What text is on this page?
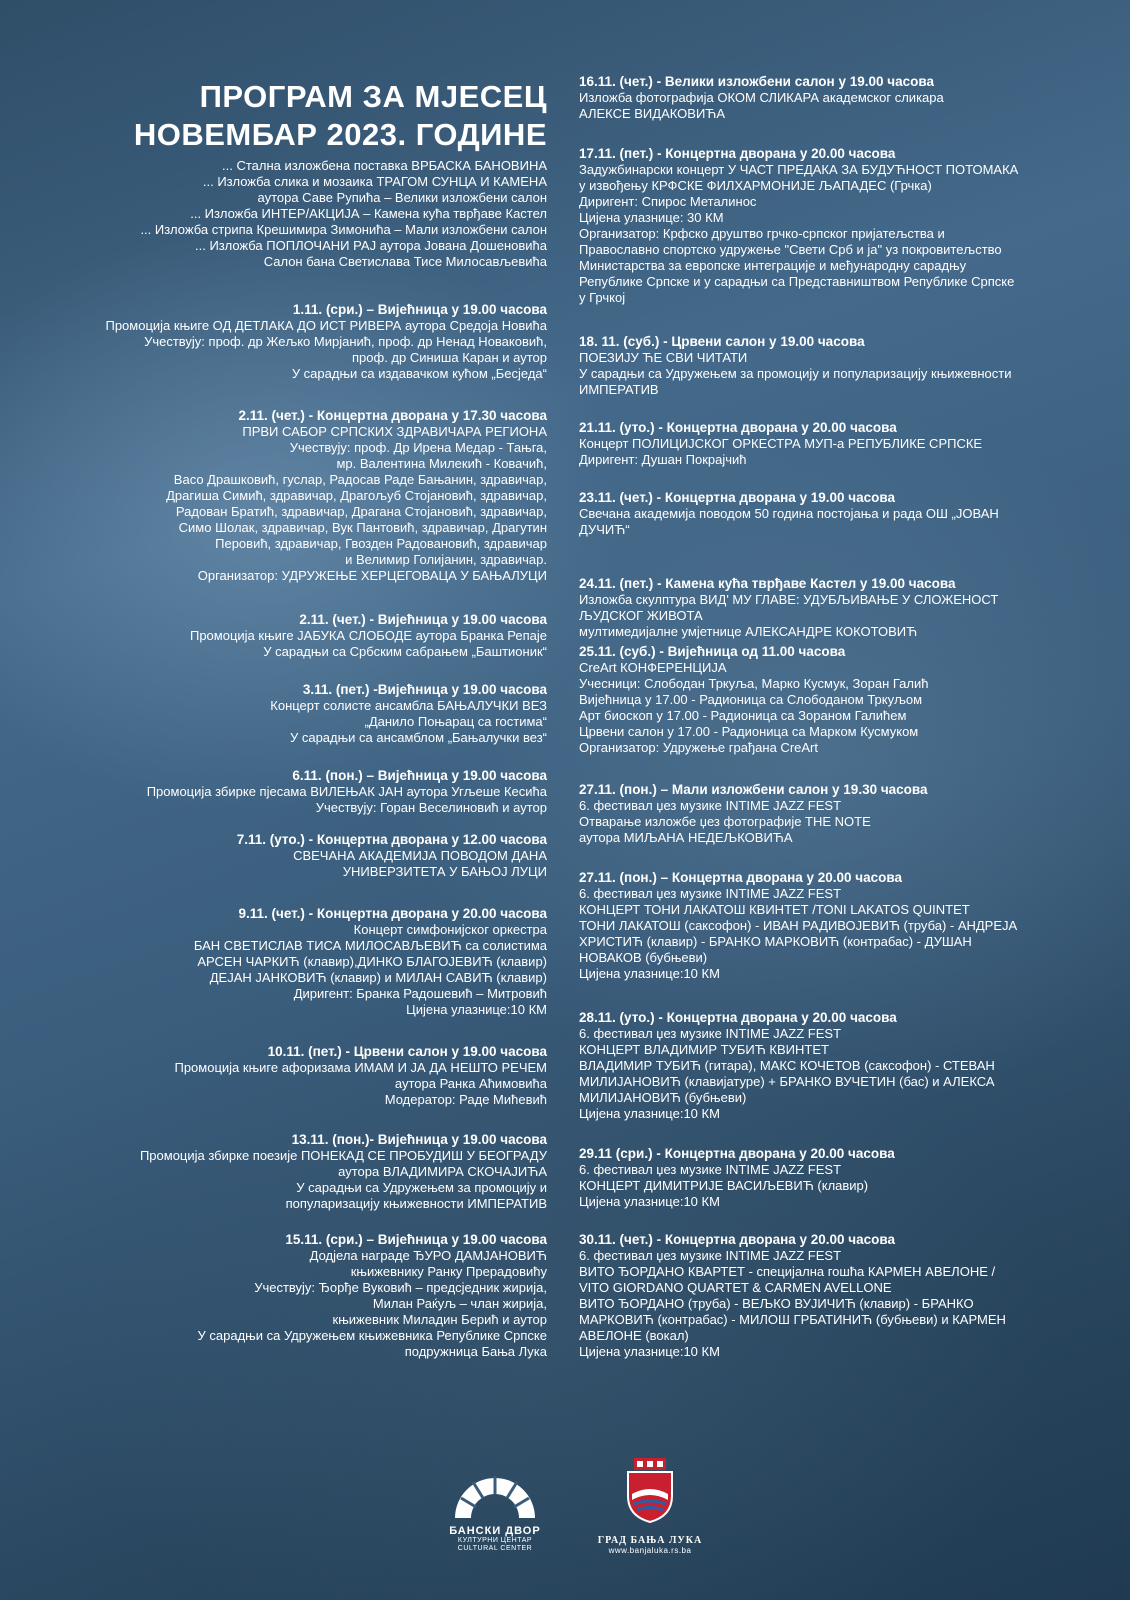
ПРОГРАМ ЗА МЈЕСЕЦ
НОВЕМБАР 2023. ГОДИНЕ
... Стална изложбена поставка ВРБАСКА БАНОВИНА
... Изложба слика и мозаика ТРАГОМ СУНЦА И КАМЕНА
аутора Саве Рупића – Велики изложбени салон
... Изложба ИНТЕР/АКЦИЈА – Камена кућа тврђаве Кастел
... Изложба стрипа Крешимира Зимонића – Мали изложбени салон
... Изложба ПОПЛОЧАНИ РАЈ аутора Јована Дошеновића
Салон бана Светислава Тисе Милосављевића
1.11. (сри.) – Вијећница у 19.00 часова
Промоција књиге ОД ДЕТЛАКА ДО ИСТ РИВЕРА аутора Средоја Новића
Учествују: проф. др Жељко Мирјанић, проф. др Ненад Новаковић,
проф. др Синиша Каран и аутор
У сарадњи са издавачком кућом „Бесједа“
2.11. (чет.) - Концертна дворана у 17.30 часова
ПРВИ САБОР СРПСКИХ ЗДРАВИЧАРА РЕГИОНА
Учествују: проф. Др Ирена Медар - Тањга,
мр. Валентина Милекић - Ковачић,
Васо Драшковић, гуслар, Радосав Раде Бањанин, здравичар,
Драгиша Симић, здравичар, Драгољуб Стојановић, здравичар,
Радован Братић, здравичар, Драгана Стојановић, здравичар,
Симо Шолак, здравичар, Вук Пантовић, здравичар, Драгутин
Перовић, здравичар, Гвозден Радовановић, здравичар
и Велимир Голијанин, здравичар.
Организатор: УДРУЖЕЊЕ ХЕРЦЕГОВАЦА У БАЊАЛУЦИ
2.11. (чет.) - Вијећница у 19.00 часова
Промоција књиге ЈАБУКА СЛОБОДЕ аутора Бранка Репаје
У сарадњи са Србским сабрањем „Баштионик“
3.11. (пет.) -Вијећница у 19.00 часова
Концерт солисте ансамбла БАЊАЛУЧКИ ВЕЗ
„Данило Поњарац са гостима“
У сарадњи са ансамблом „Бањалучки вез“
6.11. (пон.) – Вијећница у 19.00 часова
Промоција збирке пјесама ВИЛЕЊАК ЈАН аутора Угљеше Кесића
Учествују: Горан Веселиновић и аутор
7.11. (уто.) - Концертна дворана у 12.00 часова
СВЕЧАНА АКАДЕМИЈА ПОВОДОМ ДАНА
УНИВЕРЗИТЕТА У БАЊОЈ ЛУЦИ
9.11. (чет.) - Концертна дворана у 20.00 часова
Концерт симфонијског оркестра
БАН СВЕТИСЛАВ ТИСА МИЛОСАВЉЕВИЋ са солистима
АРСЕН ЧАРКИЋ (клавир),ДИНКО БЛАГОЈЕВИЋ (клавир)
ДЕЈАН ЈАНКОВИЋ (клавир) и МИЛАН САВИЋ (клавир)
Диригент: Бранка Радошевић – Митровић
Цијена улазнице:10 КМ
10.11. (пет.) - Црвени салон у 19.00 часова
Промоција књиге афоризама ИМАМ И ЈА ДА НЕШТО РЕЧЕМ
аутора Ранка Аћимовића
Модератор: Раде Мићевић
13.11. (пон.)- Вијећница у 19.00 часова
Промоција збирке поезије ПОНЕКАД СЕ ПРОБУДИШ У БЕОГРАДУ
аутора ВЛАДИМИРА СКОЧАЈИЋА
У сарадњи са Удружењем за промоцију и
популаризацију књижевности ИМПЕРАТИВ
15.11. (сри.) – Вијећница у 19.00 часова
Додјела награде ЂУРО ДАМЈАНОВИЋ
књижевнику Ранку Прерадовићу
Учествују: Ђорђе Вуковић – предсједник жирија,
Милан Раќуљ – члан жирија,
књижевник Миладин Берић и аутор
У сарадњи са Удружењем књижевника Републике Српске
подружница Бања Лука
16.11. (чет.) - Велики изложбени салон у 19.00 часова
Изложба фотографија ОКОМ СЛИКАРА академског сликара
АЛЕКСЕ ВИДАКОВИЋА
17.11. (пет.) - Концертна дворана у 20.00 часова
Задужбинарски концерт У ЧАСТ ПРЕДАКА ЗА БУДУЋНОСТ ПОТОМАКА
у извођењу КРФСКЕ ФИЛХАРМОНИЈЕ ЉАПАДЕС (Грчка)
Диригент: Спирос Металинос
Цијена улазнице: 30 КМ
Организатор: Крфско друштво грчко-српског пријатељства и
Православно спортско удружење "Свети Срб и ја" уз покровитељство
Министарства за европске интеграције и међународну сарадњу
Републике Српске и у сарадњи са Представништвом Републике Српске
у Грчкој
18. 11. (суб.) - Црвени салон у 19.00 часова
ПОЕЗИЈУ ЋЕ СВИ ЧИТАТИ
У сарадњи са Удружењем за промоцију и популаризацију књижевности
ИМПЕРАТИВ
21.11. (уто.) - Концертна дворана у 20.00 часова
Концерт ПОЛИЦИЈСКОГ ОРКЕСТРА МУП-а РЕПУБЛИКЕ СРПСКЕ
Диригент: Душан Покрајчић
23.11. (чет.) - Концертна дворана у 19.00 часова
Свечана академија поводом 50 година постојања и рада ОШ „ЈОВАН
ДУЧИЋ“
24.11. (пет.) - Камена кућа тврђаве Кастел у 19.00 часова
Изложба скулптура ВИД' МУ ГЛАВЕ: УДУБЉИВАЊЕ У СЛОЖЕНОСТ
ЉУДСКОГ ЖИВОТА
мултимедијалне умјетнице АЛЕКСАНДРЕ КОКОТОВИЋ
25.11. (суб.) - Вијећница од 11.00 часова
CreArt КОНФЕРЕНЦИЈА
Учесници: Слободан Тркуља, Марко Кусмук, Зоран Галић
Вијећница у 17.00 - Радионица са Слободаном Тркуљом
Арт биоскоп у 17.00 - Радионица са Зораном Галићем
Црвени салон у 17.00 - Радионица са Марком Кусмуком
Организатор: Удружење грађана CreArt
27.11. (пон.) – Мали изложбени салон у 19.30 часова
6. фестивал џез музике INTIME JAZZ FEST
Отварање изложбе џез фотографије THE NOTE
аутора МИЉАНА НЕДЕЉКОВИЋА
27.11. (пон.) – Концертна дворана у 20.00 часова
6. фестивал џез музике INTIME JAZZ FEST
КОНЦЕРТ ТОНИ ЛАКАТОШ КВИНТЕТ /TONI LAKATOS QUINTET
ТОНИ ЛАКАТОШ (саксофон) - ИВАН РАДИВОЈЕВИЋ (труба) - АНДРЕЈА
ХРИСТИЋ (клавир) - БРАНКО МАРКОВИЋ (контрабас) - ДУШАН
НОВАКОВ (бубњеви)
Цијена улазнице:10 КМ
28.11. (уто.) - Концертна дворана у 20.00 часова
6. фестивал џез музике INTIME JAZZ FEST
КОНЦЕРТ ВЛАДИМИР ТУБИЋ КВИНТЕТ
ВЛАДИМИР ТУБИЋ (гитара), МАКС КОЧЕТОВ (саксофон) - СТЕВАН
МИЛИЈАНОВИЋ (клавијатуре) + БРАНКО ВУЧЕТИН (бас) и АЛЕКСА
МИЛИЈАНОВИЋ (бубњеви)
Цијена улазнице:10 КМ
29.11 (сри.) - Концертна дворана у 20.00 часова
6. фестивал џез музике INTIME JAZZ FEST
КОНЦЕРТ ДИМИТРИЈЕ ВАСИЉЕВИЋ (клавир)
Цијена улазнице:10 КМ
30.11. (чет.) - Концертна дворана у 20.00 часова
6. фестивал џез музике INTIME JAZZ FEST
ВИТО ЂОРДАНО КВАРТЕТ - специјална гошћа КАРМЕН АВЕЛОНЕ /
VITO GIORDANO QUARTET & CARMEN AVELLONE
ВИТО ЂОРДАНО (труба) - ВЕЉКО ВУЈИЧИЋ (клавир) - БРАНКО
МАРКОВИЋ (контрабас) - МИЛОШ ГРБАТИНИЋ (бубњеви) и КАРМЕН
АВЕЛОНЕ (вокал)
Цијена улазнице:10 КМ
БАНСКИ ДВОР
КУЛТУРНИ ЦЕНТАР
CULTURAL CENTER
ГРАД БАЊА ЛУКА
www.banjaluka.rs.ba
